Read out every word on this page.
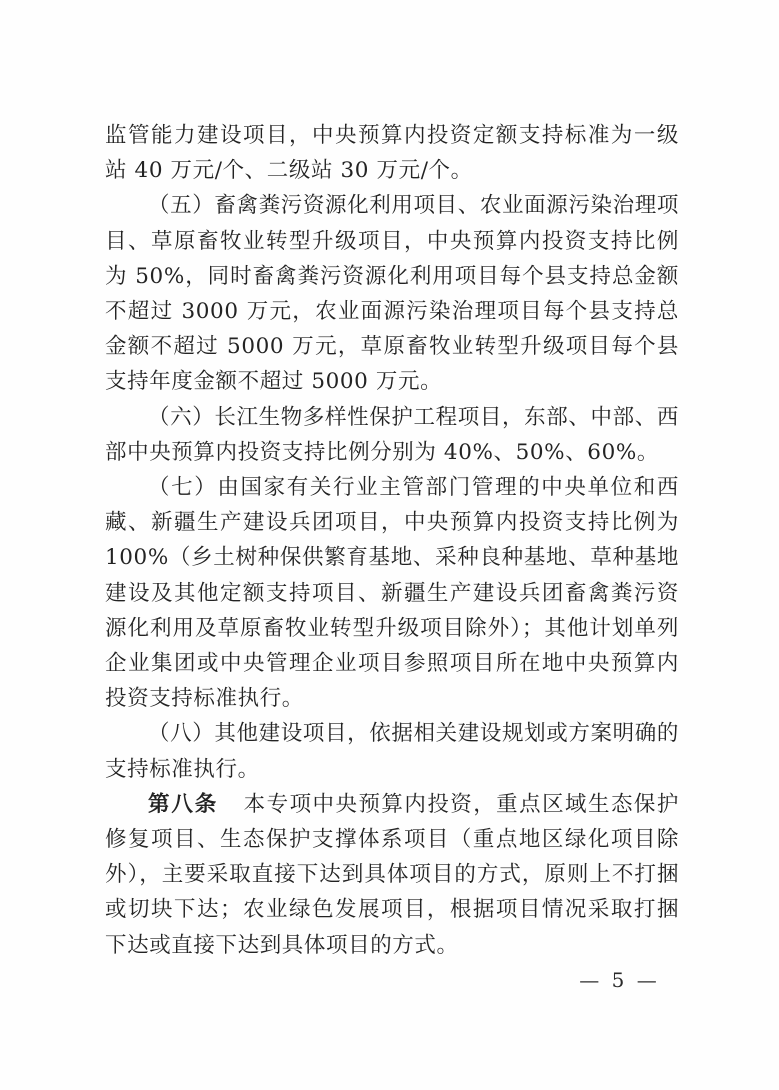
监管能力建设项目，中央预算内投资定额支持标准为一级站 40 万元/个、二级站 30 万元/个。

（五）畜禽粪污资源化利用项目、农业面源污染治理项目、草原畜牧业转型升级项目，中央预算内投资支持比例为 50%，同时畜禽粪污资源化利用项目每个县支持总金额不超过 3000 万元，农业面源污染治理项目每个县支持总金额不超过 5000 万元，草原畜牧业转型升级项目每个县支持年度金额不超过 5000 万元。

（六）长江生物多样性保护工程项目，东部、中部、西部中央预算内投资支持比例分别为 40%、50%、60%。

（七）由国家有关行业主管部门管理的中央单位和西藏、新疆生产建设兵团项目，中央预算内投资支持比例为 100%（乡土树种保供繁育基地、采种良种基地、草种基地建设及其他定额支持项目、新疆生产建设兵团畜禽粪污资源化利用及草原畜牧业转型升级项目除外）；其他计划单列企业集团或中央管理企业项目参照项目所在地中央预算内投资支持标准执行。

（八）其他建设项目，依据相关建设规划或方案明确的支持标准执行。

第八条 本专项中央预算内投资，重点区域生态保护修复项目、生态保护支撑体系项目（重点地区绿化项目除外），主要采取直接下达到具体项目的方式，原则上不打捆或切块下达；农业绿色发展项目，根据项目情况采取打捆下达或直接下达到具体项目的方式。

— 5 —
